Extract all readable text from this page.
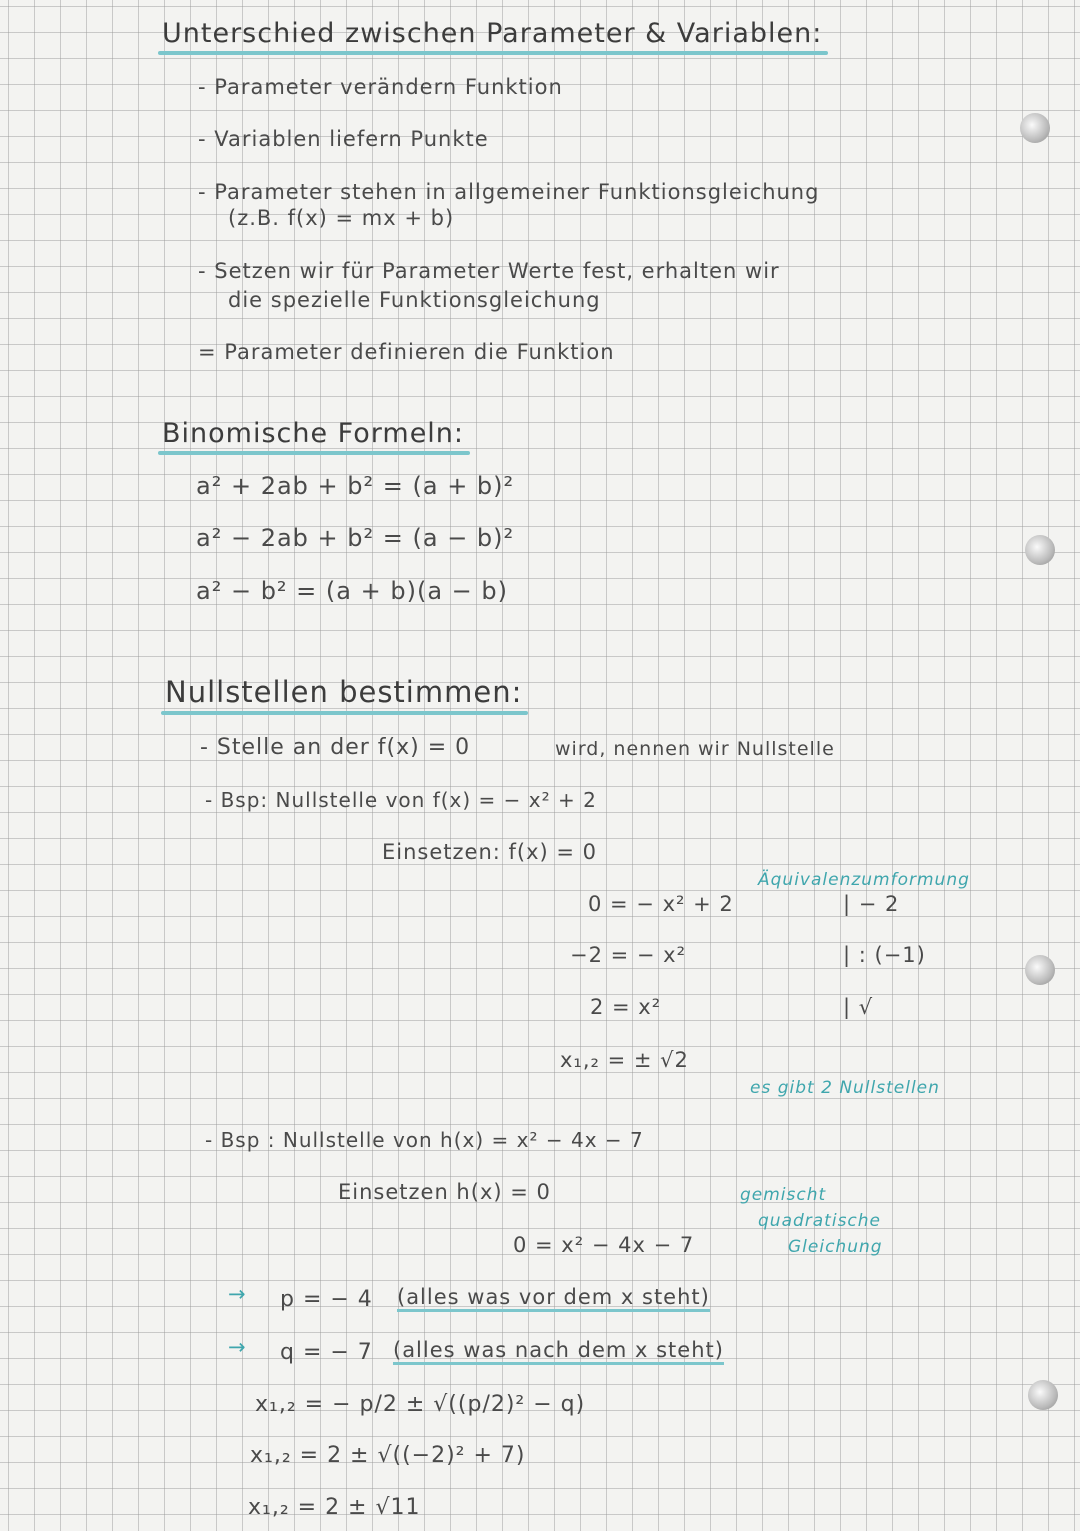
Unterschied zwischen Parameter & Variablen:
- Parameter verändern Funktion
- Variablen liefern Punkte
- Parameter stehen in allgemeiner Funktionsgleichung
(z.B. f(x) = mx + b)
- Setzen wir für Parameter Werte fest, erhalten wir
die spezielle Funktionsgleichung
= Parameter definieren die Funktion
Binomische Formeln:
a² + 2ab + b² = (a + b)²
a² − 2ab + b² = (a − b)²
a² − b² = (a + b)(a − b)
Nullstellen bestimmen:
- Stelle an der f(x) = 0	wird, nennen wir Nullstelle
- Bsp: Nullstelle von f(x) = − x² + 2
Einsetzen: f(x) = 0
0 = − x² + 2
−2 = − x²
2 = x²
x₁,₂ = ± √2
| − 2
| : (−1)
| √
Äquivalenzumformung
es gibt 2 Nullstellen
- Bsp : Nullstelle von h(x) = x² − 4x − 7
Einsetzen h(x) = 0
0 = x² − 4x − 7
gemischt
quadratische
Gleichung
→ p = − 4 (alles was vor dem x steht)
→ q = − 7 (alles was nach dem x steht)
x₁,₂ = − p/2 ± √((p/2)² − q)
x₁,₂ = 2 ± √((−2)² + 7)
x₁,₂ = 2 ± √11
